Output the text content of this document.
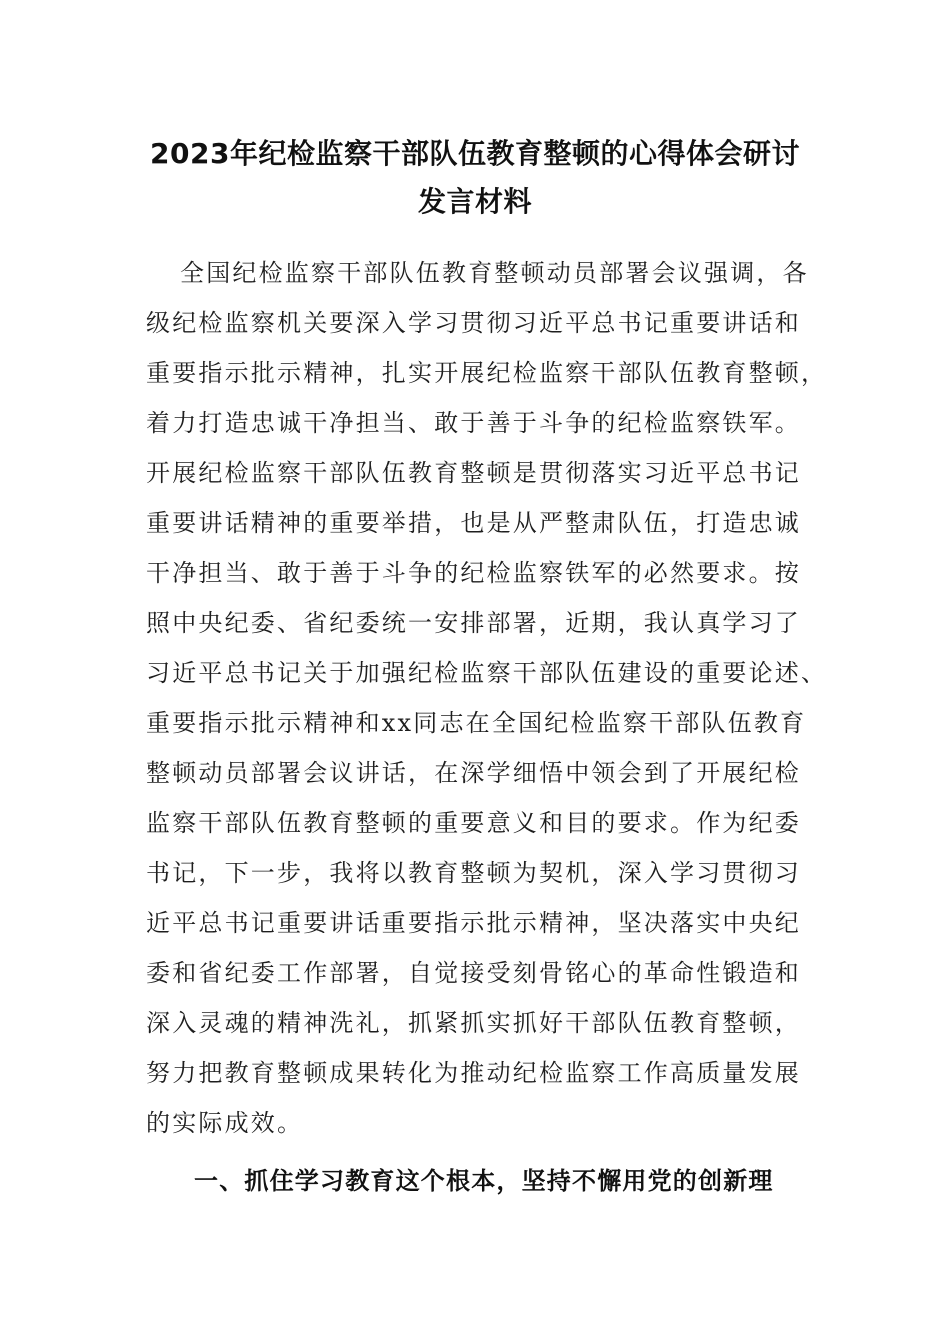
2023年纪检监察干部队伍教育整顿的心得体会研讨
发言材料
全国纪检监察干部队伍教育整顿动员部署会议强调，各
级纪检监察机关要深入学习贯彻习近平总书记重要讲话和
重要指示批示精神，扎实开展纪检监察干部队伍教育整顿，
着力打造忠诚干净担当、敢于善于斗争的纪检监察铁军。
开展纪检监察干部队伍教育整顿是贯彻落实习近平总书记
重要讲话精神的重要举措，也是从严整肃队伍，打造忠诚
干净担当、敢于善于斗争的纪检监察铁军的必然要求。按
照中央纪委、省纪委统一安排部署，近期，我认真学习了
习近平总书记关于加强纪检监察干部队伍建设的重要论述、
重要指示批示精神和xx同志在全国纪检监察干部队伍教育
整顿动员部署会议讲话，在深学细悟中领会到了开展纪检
监察干部队伍教育整顿的重要意义和目的要求。作为纪委
书记，下一步，我将以教育整顿为契机，深入学习贯彻习
近平总书记重要讲话重要指示批示精神，坚决落实中央纪
委和省纪委工作部署，自觉接受刻骨铭心的革命性锻造和
深入灵魂的精神洗礼，抓紧抓实抓好干部队伍教育整顿，
努力把教育整顿成果转化为推动纪检监察工作高质量发展
的实际成效。
一、抓住学习教育这个根本，坚持不懈用党的创新理
